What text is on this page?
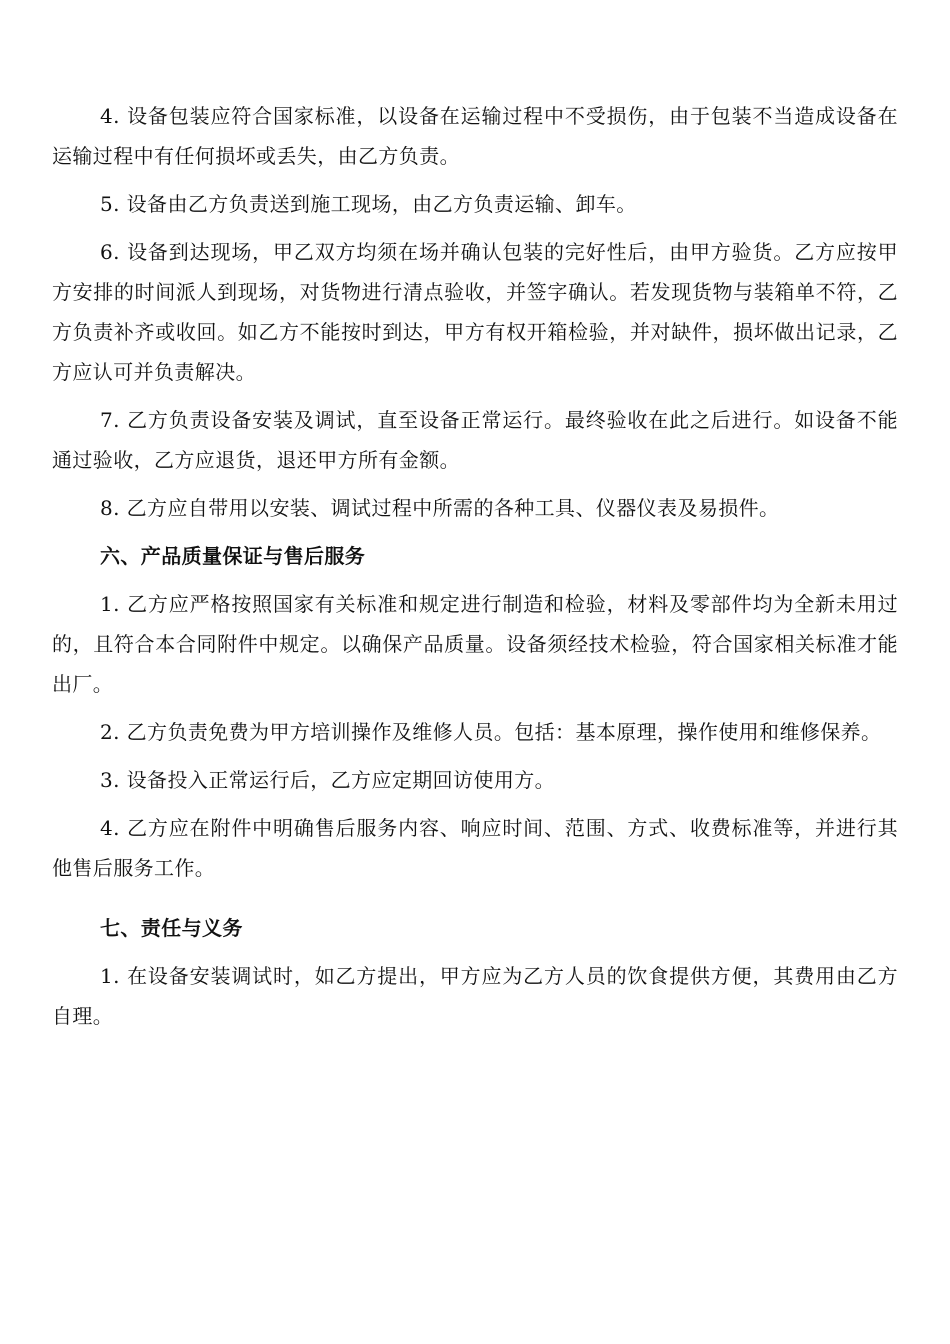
4. 设备包装应符合国家标准，以设备在运输过程中不受损伤，由于包装不当造成设备在运输过程中有任何损坏或丢失，由乙方负责。

5. 设备由乙方负责送到施工现场，由乙方负责运输、卸车。

6. 设备到达现场，甲乙双方均须在场并确认包装的完好性后，由甲方验货。乙方应按甲方安排的时间派人到现场，对货物进行清点验收，并签字确认。若发现货物与装箱单不符，乙方负责补齐或收回。如乙方不能按时到达，甲方有权开箱检验，并对缺件，损坏做出记录，乙方应认可并负责解决。

7. 乙方负责设备安装及调试，直至设备正常运行。最终验收在此之后进行。如设备不能通过验收，乙方应退货，退还甲方所有金额。

8. 乙方应自带用以安装、调试过程中所需的各种工具、仪器仪表及易损件。

六、产品质量保证与售后服务

1. 乙方应严格按照国家有关标准和规定进行制造和检验，材料及零部件均为全新未用过的，且符合本合同附件中规定。以确保产品质量。设备须经技术检验，符合国家相关标准才能出厂。

2. 乙方负责免费为甲方培训操作及维修人员。包括：基本原理，操作使用和维修保养。

3. 设备投入正常运行后，乙方应定期回访使用方。

4. 乙方应在附件中明确售后服务内容、响应时间、范围、方式、收费标准等，并进行其他售后服务工作。

七、责任与义务

1. 在设备安装调试时，如乙方提出，甲方应为乙方人员的饮食提供方便，其费用由乙方自理。
